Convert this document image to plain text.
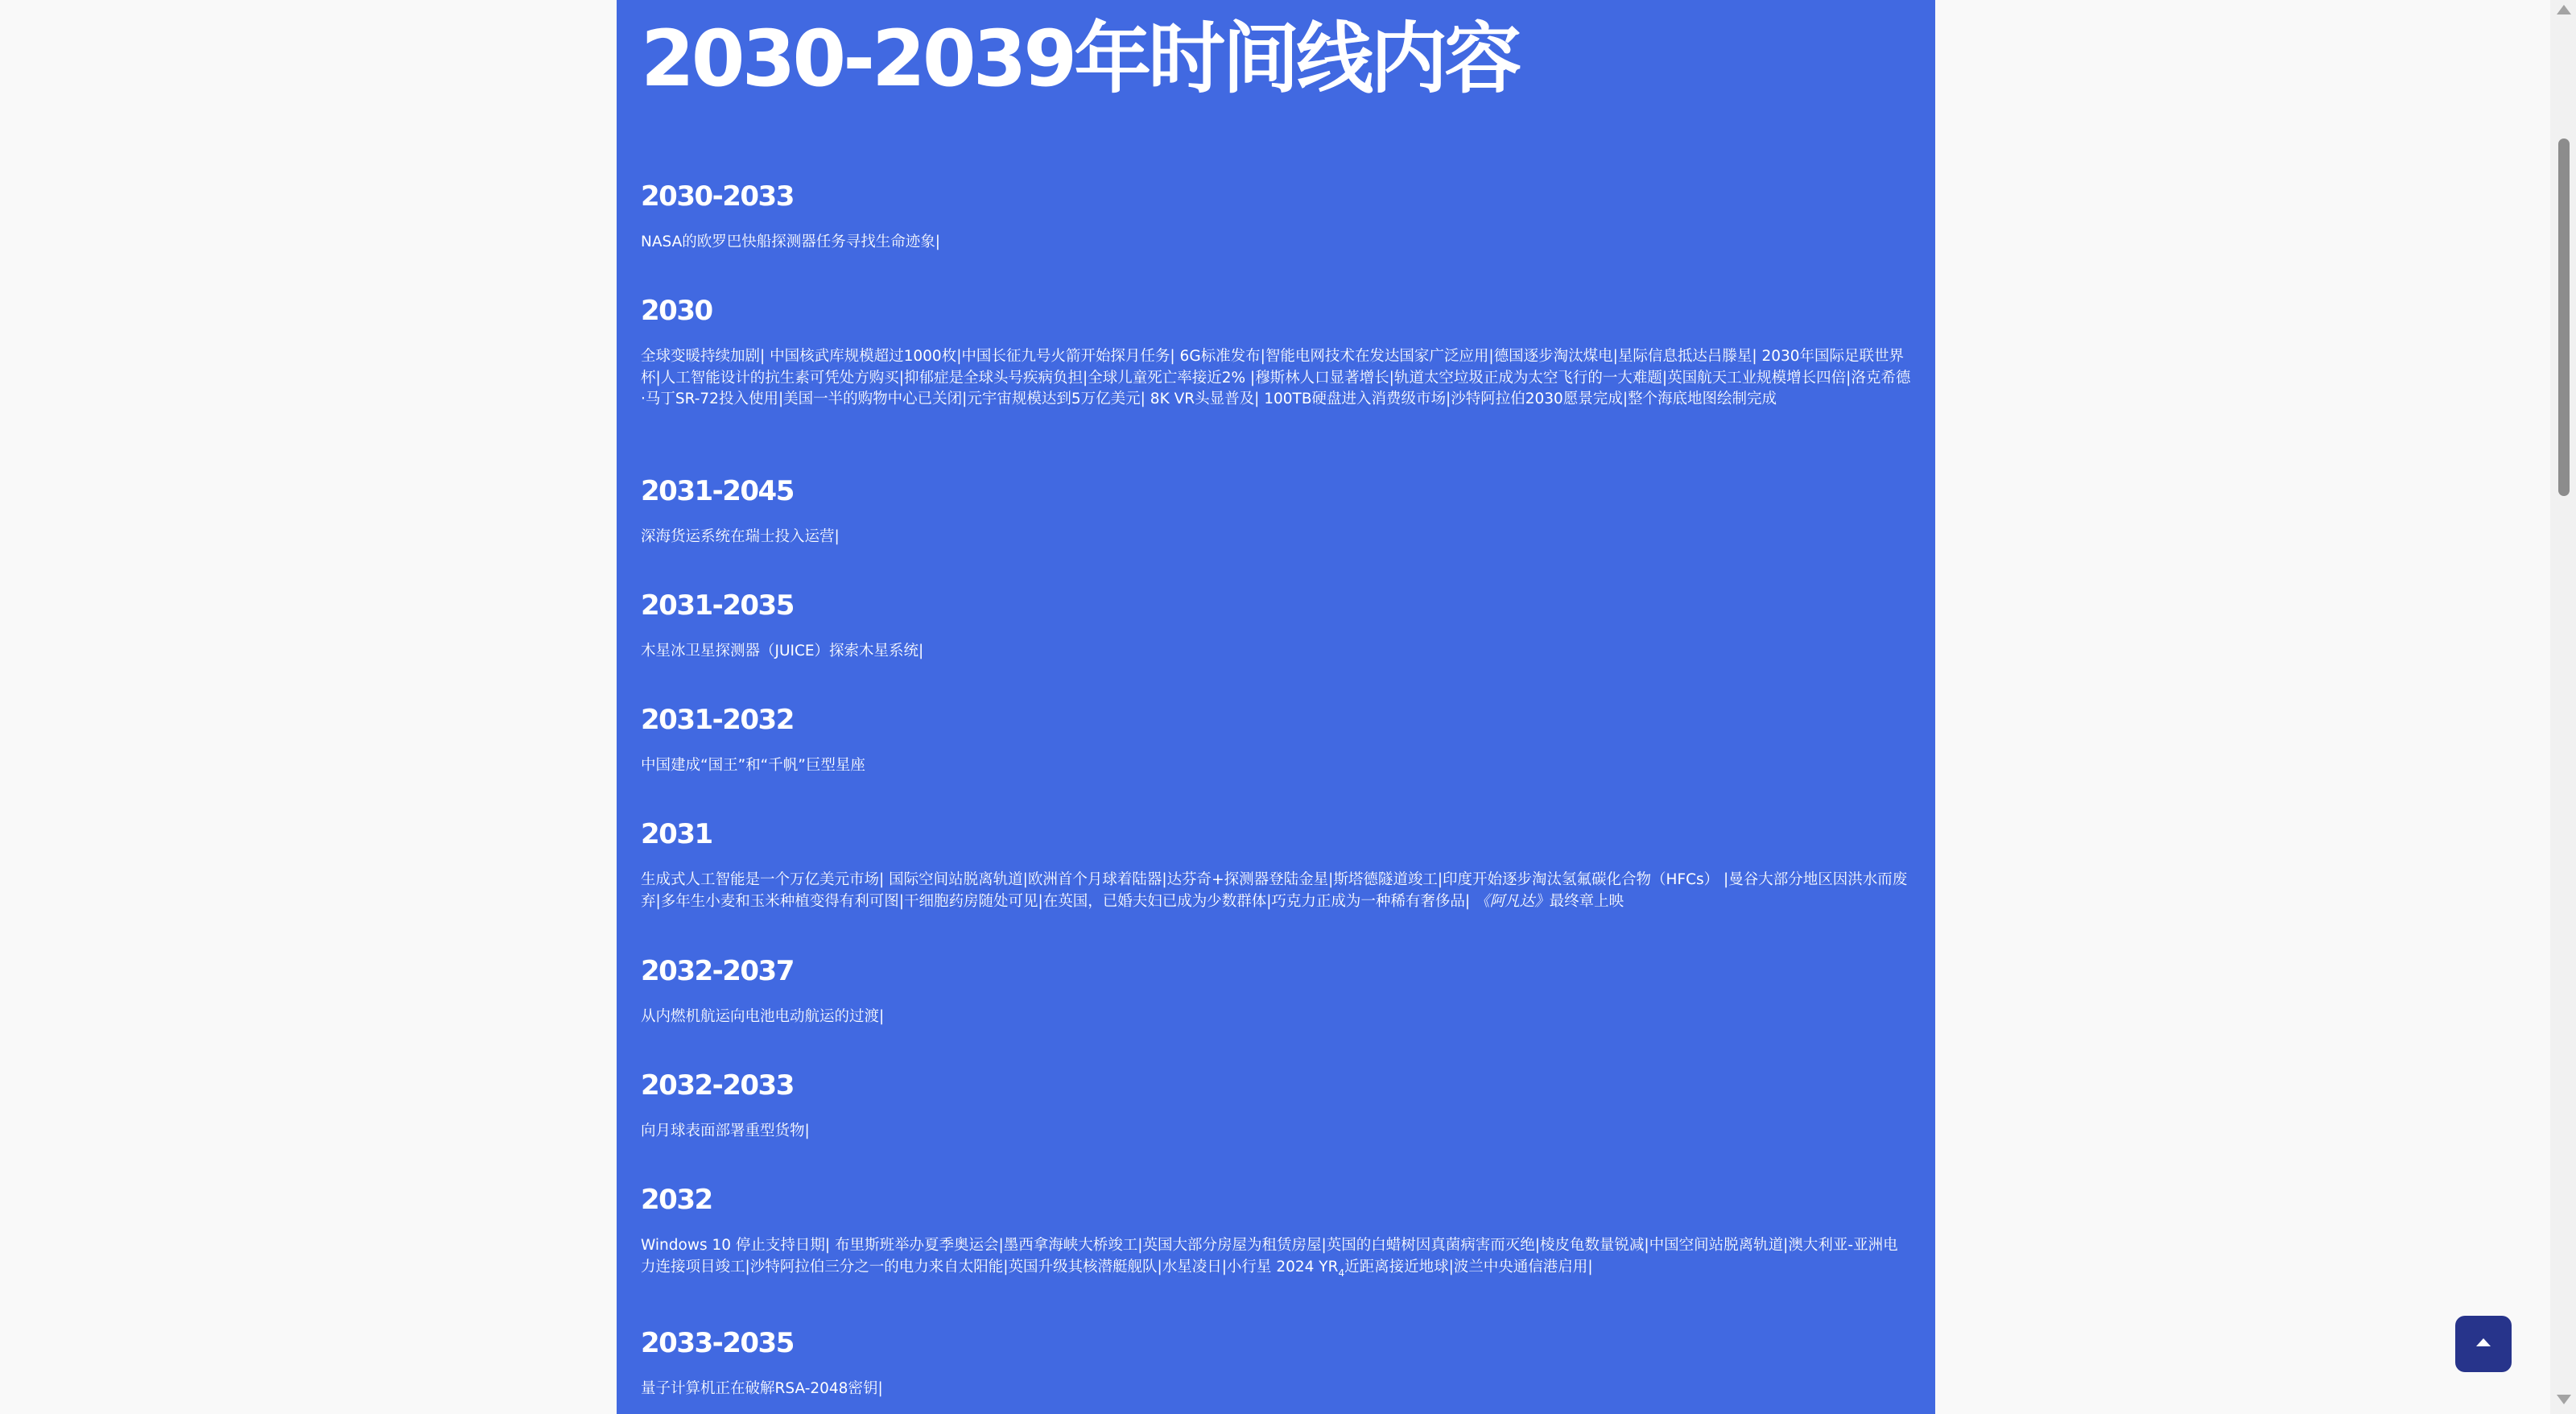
2030-2039年时间线内容
2030-2033
NASA的欧罗巴快船探测器任务寻找生命迹象|
2030
全球变暖持续加剧| 中国核武库规模超过1000枚|中国长征九号火箭开始探月任务| 6G标准发布|智能电网技术在发达国家广泛应用|德国逐步淘汰煤电|星际信息抵达吕滕星| 2030年国际足联世界杯|人工智能设计的抗生素可凭处方购买|抑郁症是全球头号疾病负担|全球儿童死亡率接近2% |穆斯林人口显著增长|轨道太空垃圾正成为太空飞行的一大难题|英国航天工业规模增长四倍|洛克希德·马丁SR-72投入使用|美国一半的购物中心已关闭|元宇宙规模达到5万亿美元| 8K VR头显普及| 100TB硬盘进入消费级市场|沙特阿拉伯2030愿景完成|整个海底地图绘制完成
2031-2045
深海货运系统在瑞士投入运营|
2031-2035
木星冰卫星探测器（JUICE）探索木星系统|
2031-2032
中国建成“国王”和“千帆”巨型星座
2031
生成式人工智能是一个万亿美元市场| 国际空间站脱离轨道|欧洲首个月球着陆器|达芬奇+探测器登陆金星|斯塔德隧道竣工|印度开始逐步淘汰氢氟碳化合物（HFCs） |曼谷大部分地区因洪水而废弃|多年生小麦和玉米种植变得有利可图|干细胞药房随处可见|在英国，已婚夫妇已成为少数群体|巧克力正成为一种稀有奢侈品| 《阿凡达》最终章上映
2032-2037
从内燃机航运向电池电动航运的过渡|
2032-2033
向月球表面部署重型货物|
2032
Windows 10 停止支持日期| 布里斯班举办夏季奥运会|墨西拿海峡大桥竣工|英国大部分房屋为租赁房屋|英国的白蜡树因真菌病害而灭绝|棱皮龟数量锐减|中国空间站脱离轨道|澳大利亚-亚洲电力连接项目竣工|沙特阿拉伯三分之一的电力来自太阳能|英国升级其核潜艇舰队|水星凌日|小行星 2024 $YR_4$近距离接近地球|波兰中央通信港启用|
2033-2035
量子计算机正在破解RSA-2048密钥|
